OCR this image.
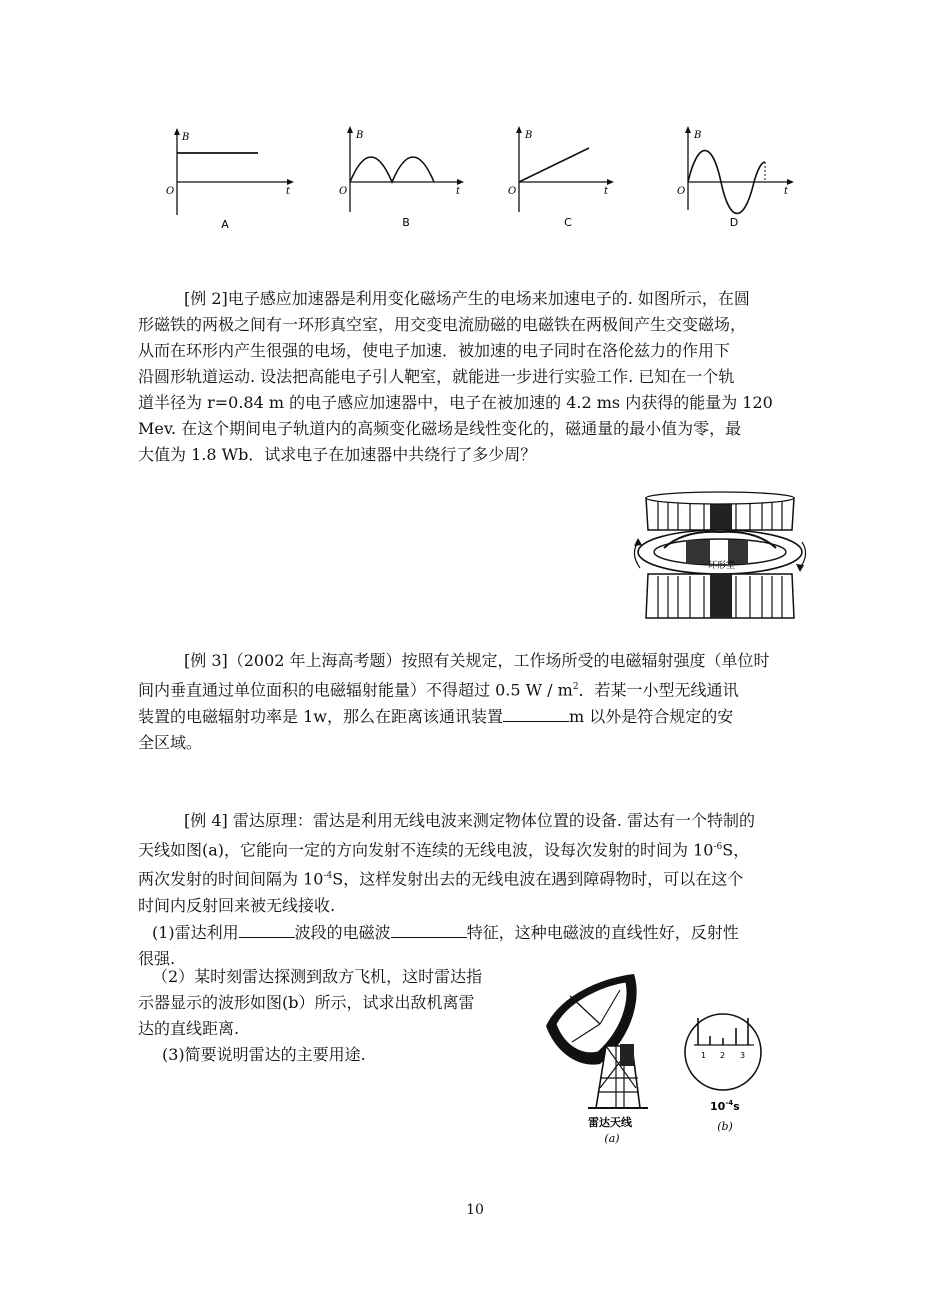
B
t
O
A
B
t
O
B
B
t
O
C
B
t
O
D
[例 2]电子感应加速器是利用变化磁场产生的电场来加速电子的. 如图所示，在圆
形磁铁的两极之间有一环形真空室，用交变电流励磁的电磁铁在两极间产生交变磁场，
从而在环形内产生很强的电场，使电子加速．被加速的电子同时在洛伦兹力的作用下
沿圆形轨道运动. 设法把高能电子引人靶室，就能进一步进行实验工作. 已知在一个轨
道半径为 r=0.84 m 的电子感应加速器中，电子在被加速的 4.2 ms 内获得的能量为 120
Mev. 在这个期间电子轨道内的高频变化磁场是线性变化的，磁通量的最小值为零，最
大值为 1.8 Wb．试求电子在加速器中共绕行了多少周？
环形室
[例 3]（2002 年上海高考题）按照有关规定，工作场所受的电磁辐射强度（单位时
间内垂直通过单位面积的电磁辐射能量）不得超过 0.5 W / $m^2$．若某一小型无线通讯
装置的电磁辐射功率是 1w，那么在距离该通讯装置	m 以外是符合规定的安
全区域。
[例 4] 雷达原理：雷达是利用无线电波来测定物体位置的设备. 雷达有一个特制的
天线如图(a)，它能向一定的方向发射不连续的无线电波，设每次发射的时间为 $10^{-6}S$，
两次发射的时间间隔为 $10^{-4}S$，这样发射出去的无线电波在遇到障碍物时，可以在这个
时间内反射回来被无线接收.
(1)雷达利用	波段的电磁波	特征，这种电磁波的直线性好，反射性
很强.
（2）某时刻雷达探测到敌方飞机，这时雷达指
示器显示的波形如图(b）所示，试求出敌机离雷
达的直线距离.
(3)简要说明雷达的主要用途.
雷达天线
(a)
1 2 3
$10^{-4}s$
(b)
10
